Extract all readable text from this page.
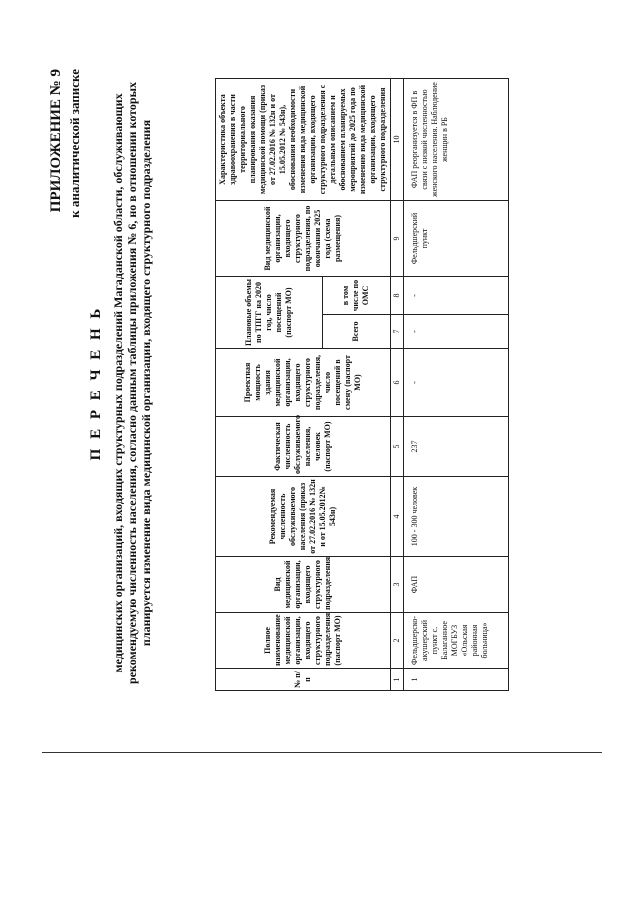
ПРИЛОЖЕНИЕ № 9 к аналитической записке
П Е Р Е Ч Е Н Ь медицинских организаций, входящих структурных подразделений Магаданской области, обслуживающих рекомендуемую численность населения, согласно данным таблицы приложения № 6, но в отношении которых планируется изменение вида медицинской организации, входящего структурного подразделения
№ п/п	Полное наименование медицинской организации, входящего структурного подразделения (паспорт МО)	Вид медицинской организации, входящего структурного подразделения	Рекомендуемая численность обслуживаемого населения (приказ от 27.02.2016 № 132н и от 15.05.2012№ 543н)	Фактическая численность обслуживаемого населения, человек (паспорт МО)	Проектная мощность здания медицинской организации, входящего структурного подразделения, число посещений в смену (паспорт МО)	Плановые объемы по ТПГГ на 2020 год, число посещений (паспорт МО)		Вид медицинской организации, входящего структурного подразделения, по окончании 2025 года (схема размещения)	Характеристика объекта здравоохранения в части территориального планирования оказания медицинской помощи (приказ от 27.02.2016 № 132н и от 15.05.2012 № 543н), обоснования необходимости изменения вида медицинской организации, входящего структурного подразделения с детальным описанием и обоснованием планируемых мероприятий до 2025 года по изменению вида медицинской организации, входящего структурного подразделения
						Всего	в том числе по ОМС		
1	2	3	4	5	6	7	8	9	10
1	Фельдшерско-акушерский пункт с. Балаганное МОГБУЗ «Ольская районная больница»	ФАП	100 - 300 человек	237	-	-	-	Фельдшерский пункт	ФАП реорганизуется в ФП в связи с низкой численностью женского населения. Наблюдение женщин в РБ
